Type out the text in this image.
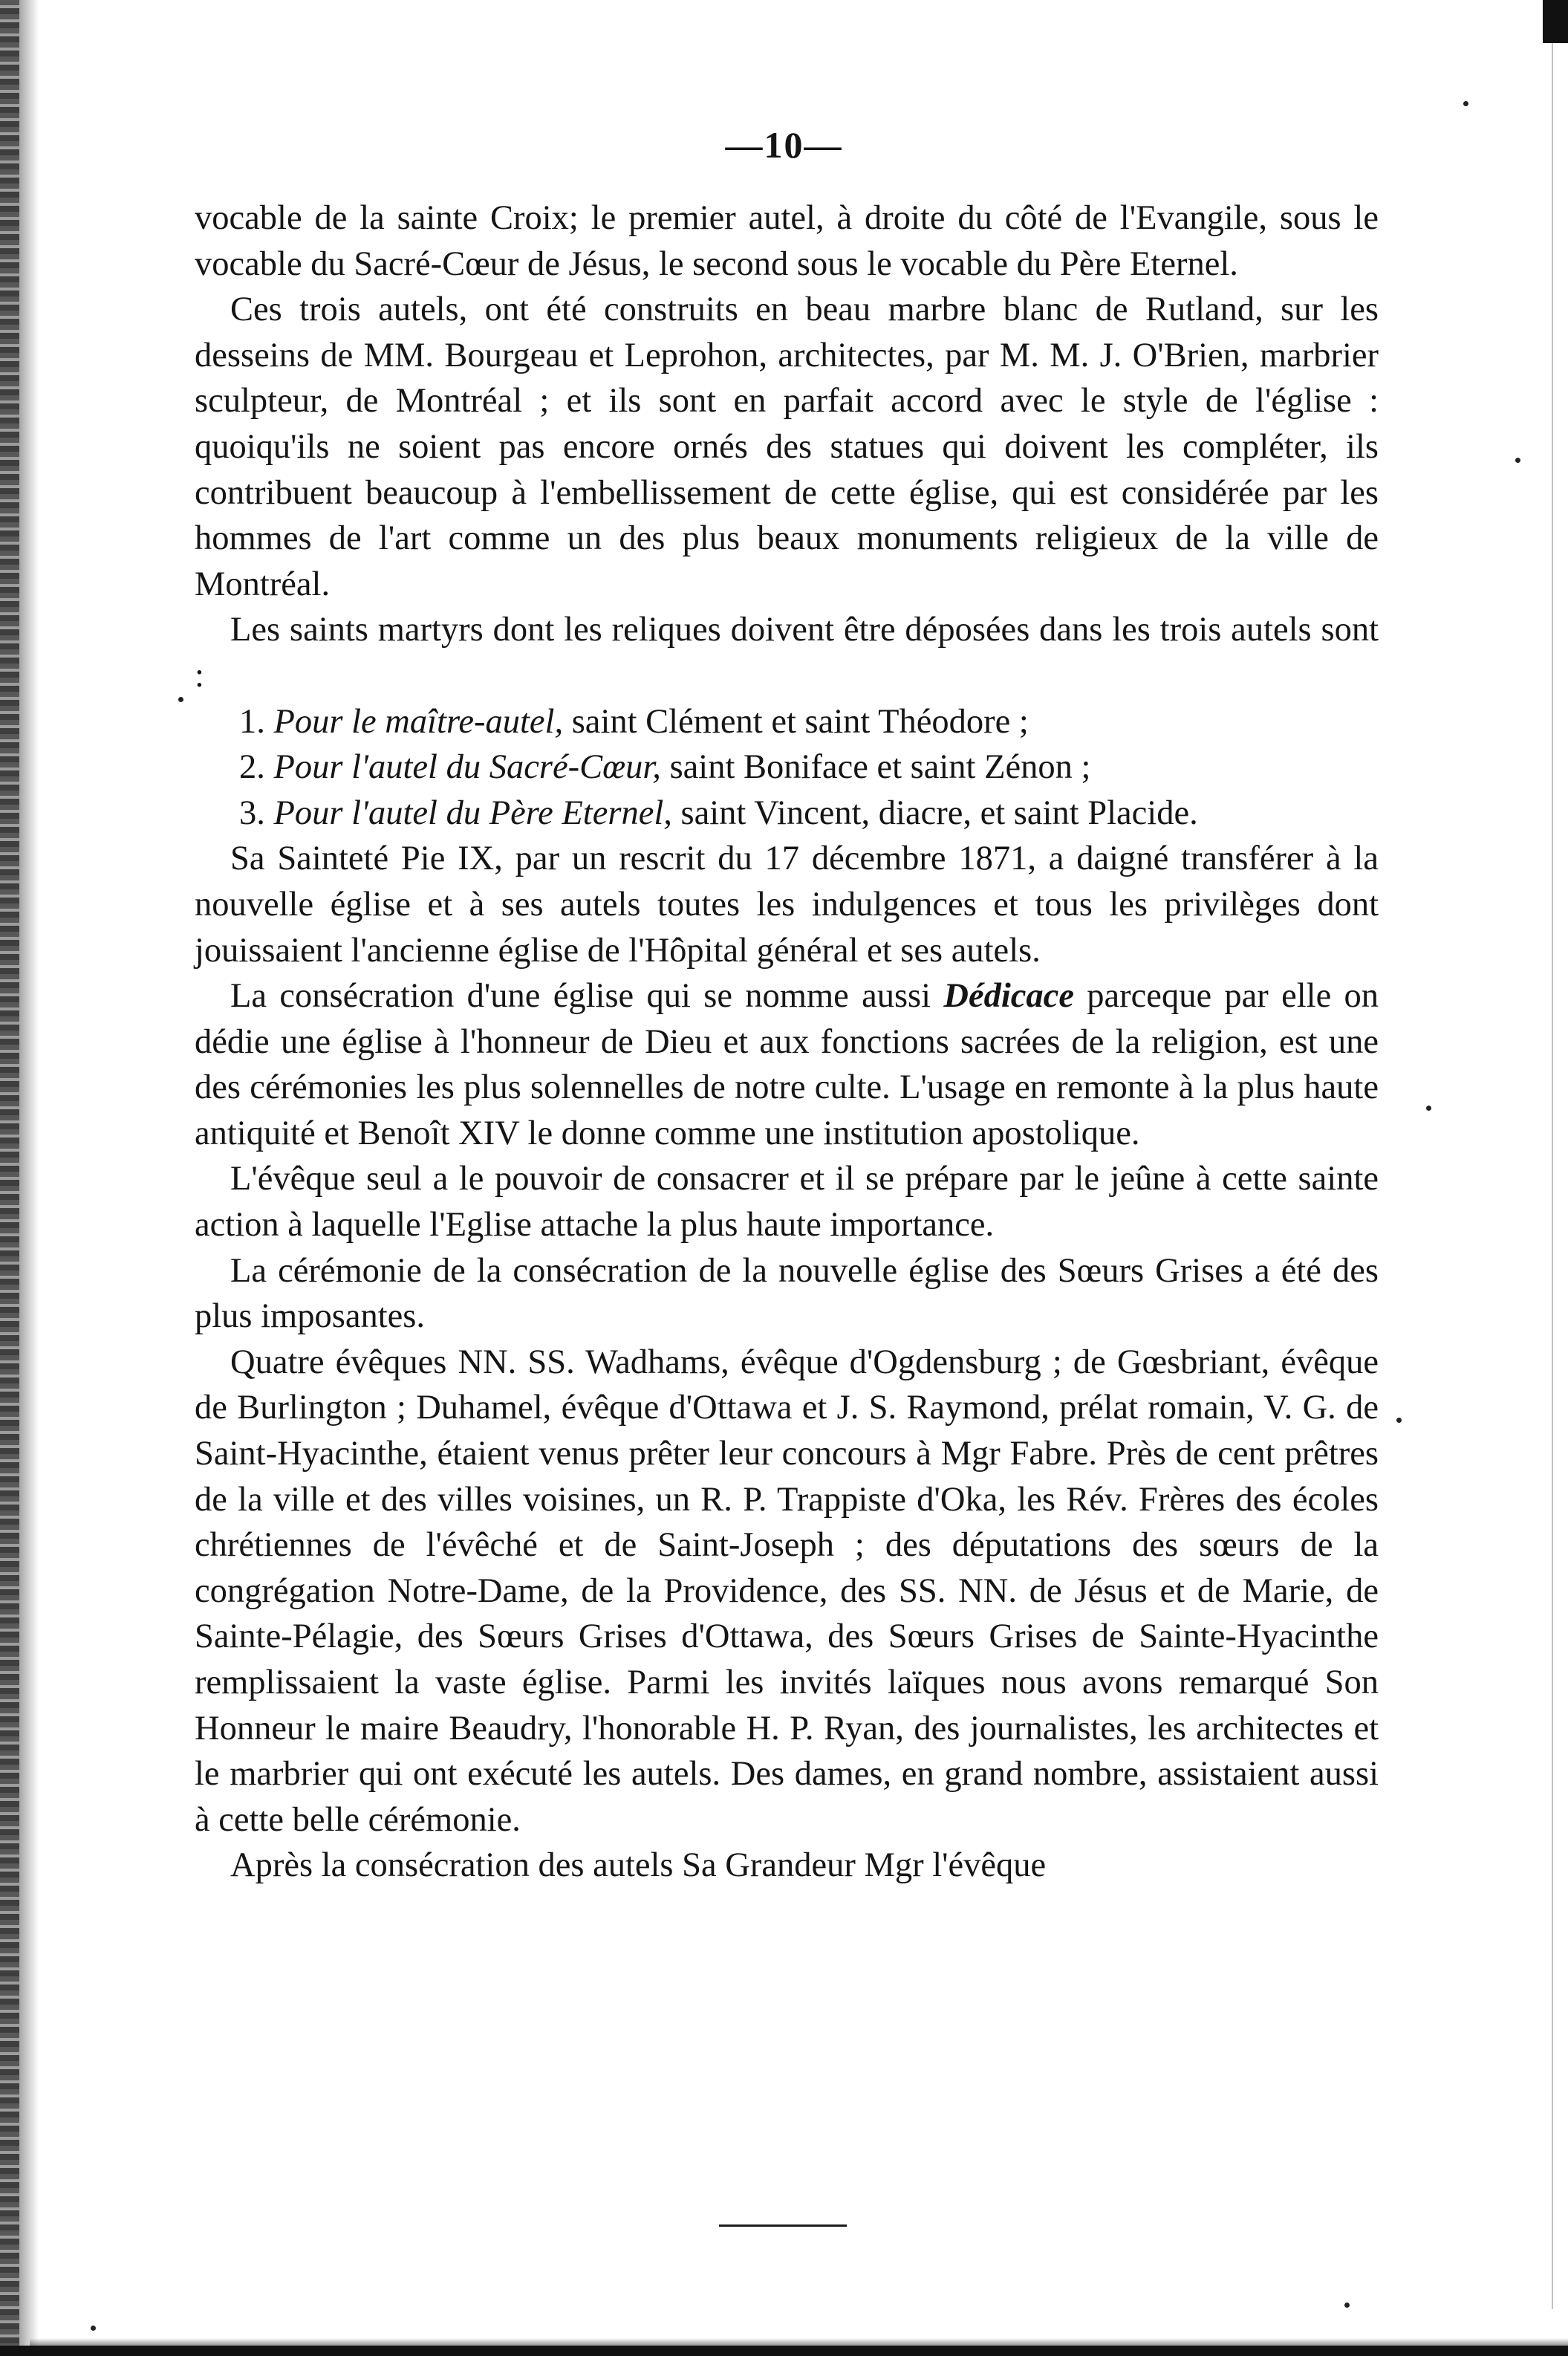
—10—

vocable de la sainte Croix; le premier autel, à droite du côté de l'Evangile, sous le vocable du Sacré-Cœur de Jésus, le second sous le vocable du Père Eternel.

Ces trois autels, ont été construits en beau marbre blanc de Rutland, sur les desseins de MM. Bourgeau et Leprohon, architectes, par M. M. J. O'Brien, marbrier sculpteur, de Montréal ; et ils sont en parfait accord avec le style de l'église : quoiqu'ils ne soient pas encore ornés des statues qui doivent les compléter, ils contribuent beaucoup à l'embellissement de cette église, qui est considérée par les hommes de l'art comme un des plus beaux monuments religieux de la ville de Montréal.

Les saints martyrs dont les reliques doivent être déposées dans les trois autels sont :

1. Pour le maître-autel, saint Clément et saint Théodore ;

2. Pour l'autel du Sacré-Cœur, saint Boniface et saint Zénon ;

3. Pour l'autel du Père Eternel, saint Vincent, diacre, et saint Placide.

Sa Sainteté Pie IX, par un rescrit du 17 décembre 1871, a daigné transférer à la nouvelle église et à ses autels toutes les indulgences et tous les privilèges dont jouissaient l'ancienne église de l'Hôpital général et ses autels.

La consécration d'une église qui se nomme aussi Dédicace parceque par elle on dédie une église à l'honneur de Dieu et aux fonctions sacrées de la religion, est une des cérémonies les plus solennelles de notre culte. L'usage en remonte à la plus haute antiquité et Benoît XIV le donne comme une institution apostolique.

L'évêque seul a le pouvoir de consacrer et il se prépare par le jeûne à cette sainte action à laquelle l'Eglise attache la plus haute importance.

La cérémonie de la consécration de la nouvelle église des Sœurs Grises a été des plus imposantes.

Quatre évêques NN. SS. Wadhams, évêque d'Ogdensburg ; de Gœsbriant, évêque de Burlington ; Duhamel, évêque d'Ottawa et J. S. Raymond, prélat romain, V. G. de Saint-Hyacinthe, étaient venus prêter leur concours à Mgr Fabre. Près de cent prêtres de la ville et des villes voisines, un R. P. Trappiste d'Oka, les Rév. Frères des écoles chrétiennes de l'évêché et de Saint-Joseph ; des députations des sœurs de la congrégation Notre-Dame, de la Providence, des SS. NN. de Jésus et de Marie, de Sainte-Pélagie, des Sœurs Grises d'Ottawa, des Sœurs Grises de Sainte-Hyacinthe remplissaient la vaste église. Parmi les invités laïques nous avons remarqué Son Honneur le maire Beaudry, l'honorable H. P. Ryan, des journalistes, les architectes et le marbrier qui ont exécuté les autels. Des dames, en grand nombre, assistaient aussi à cette belle cérémonie.

Après la consécration des autels Sa Grandeur Mgr l'évêque
